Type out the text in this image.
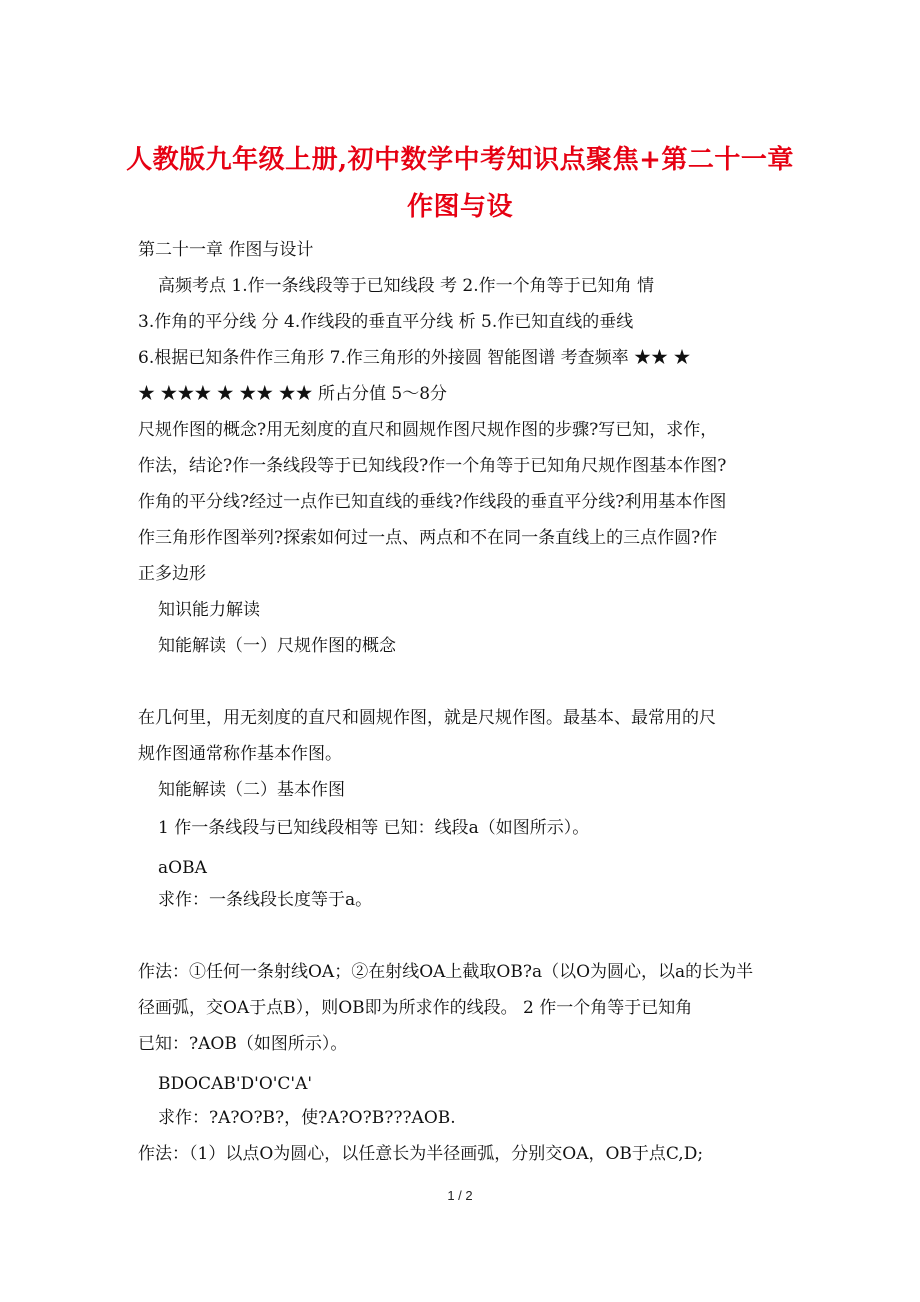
人教版九年级上册,初中数学中考知识点聚焦+第二十一章
作图与设
第二十一章 作图与设计
高频考点 1.作一条线段等于已知线段 考 2.作一个角等于已知角 情
3.作角的平分线 分 4.作线段的垂直平分线 析 5.作已知直线的垂线
6.根据已知条件作三角形 7.作三角形的外接圆 智能图谱 考查频率 ★★ ★
★ ★★★ ★ ★★ ★★ 所占分值 5～8分
尺规作图的概念?用无刻度的直尺和圆规作图尺规作图的步骤?写已知，求作，
作法，结论?作一条线段等于已知线段?作一个角等于已知角尺规作图基本作图?
作角的平分线?经过一点作已知直线的垂线?作线段的垂直平分线?利用基本作图
作三角形作图举列?探索如何过一点、两点和不在同一条直线上的三点作圆?作
正多边形
知识能力解读
知能解读（一）尺规作图的概念
在几何里，用无刻度的直尺和圆规作图，就是尺规作图。最基本、最常用的尺
规作图通常称作基本作图。
知能解读（二）基本作图
1 作一条线段与已知线段相等 已知：线段a（如图所示）。
aOBA
求作：一条线段长度等于a。
作法：①任何一条射线OA；②在射线OA上截取OB?a（以O为圆心，以a的长为半
径画弧，交OA于点B），则OB即为所求作的线段。 2 作一个角等于已知角
已知：?AOB（如图所示）。
BDOCAB'D'O'C'A'
求作：?A?O?B?，使?A?O?B???AOB.
作法：（1）以点O为圆心，以任意长为半径画弧，分别交OA，OB于点C,D;
1 / 2
